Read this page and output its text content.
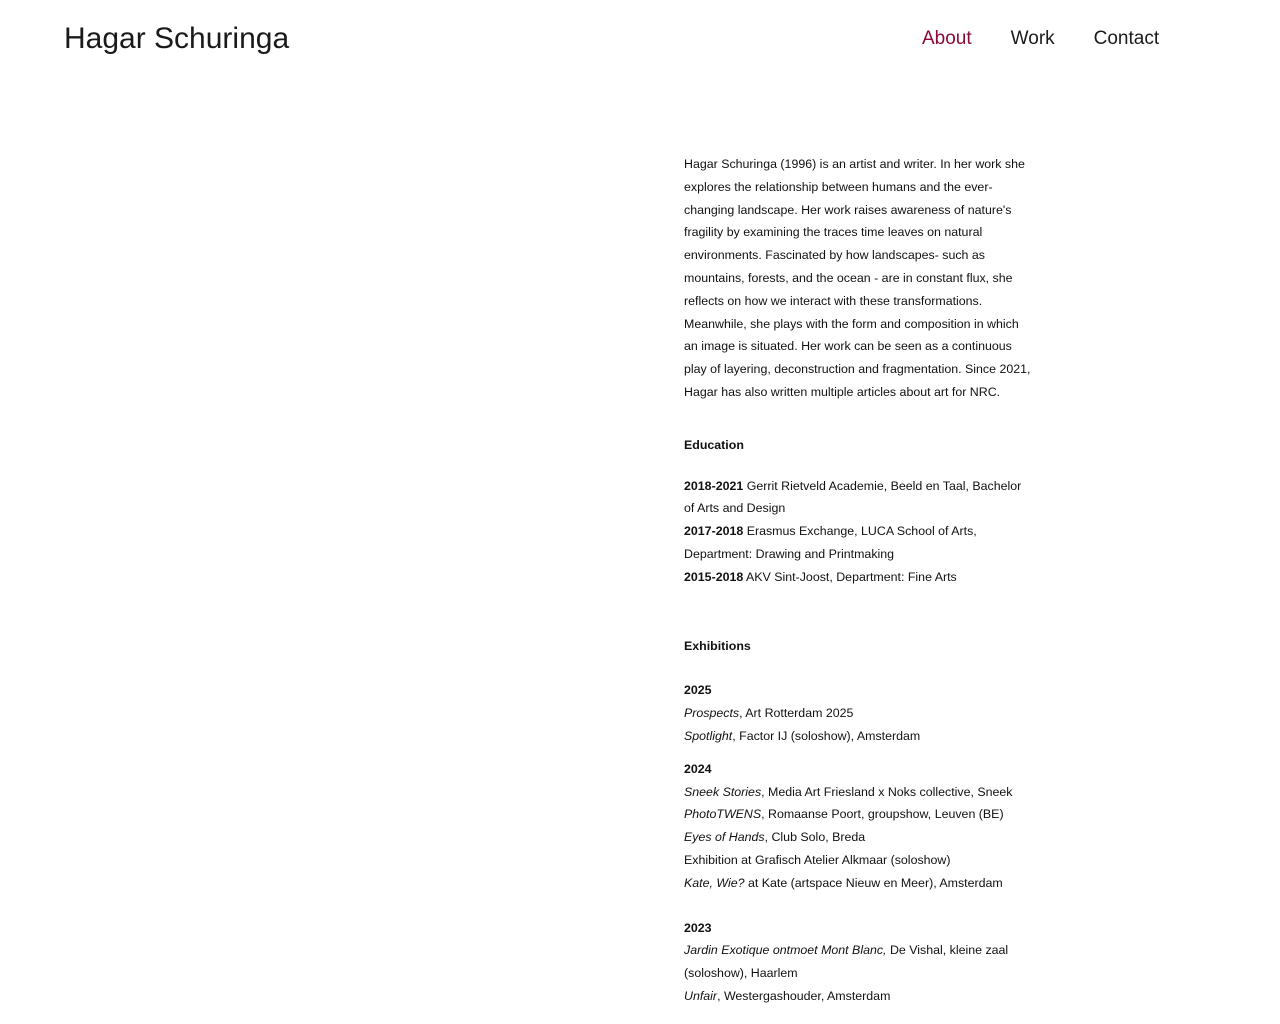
Hagar Schuringa	About Work Contact

Hagar Schuringa (1996) is an artist and writer. In her work she explores the relationship between humans and the ever-changing landscape. Her work raises awareness of nature's fragility by examining the traces time leaves on natural environments. Fascinated by how landscapes- such as mountains, forests, and the ocean - are in constant flux, she reflects on how we interact with these transformations. Meanwhile, she plays with the form and composition in which an image is situated. Her work can be seen as a continuous play of layering, deconstruction and fragmentation. Since 2021, Hagar has also written multiple articles about art for NRC.

Education

2018-2021 Gerrit Rietveld Academie, Beeld en Taal, Bachelor of Arts and Design

2017-2018 Erasmus Exchange, LUCA School of Arts, Department: Drawing and Printmaking

2015-2018 AKV Sint-Joost, Department: Fine Arts

Exhibitions

2025

Prospects, Art Rotterdam 2025

Spotlight, Factor IJ (soloshow), Amsterdam

2024

Sneek Stories, Media Art Friesland x Noks collective, Sneek

PhotoTWENS, Romaanse Poort, groupshow, Leuven (BE)

Eyes of Hands, Club Solo, Breda

Exhibition at Grafisch Atelier Alkmaar (soloshow)

Kate, Wie? at Kate (artspace Nieuw en Meer), Amsterdam

2023

Jardin Exotique ontmoet Mont Blanc, De Vishal, kleine zaal (soloshow), Haarlem

Unfair, Westergashouder, Amsterdam
